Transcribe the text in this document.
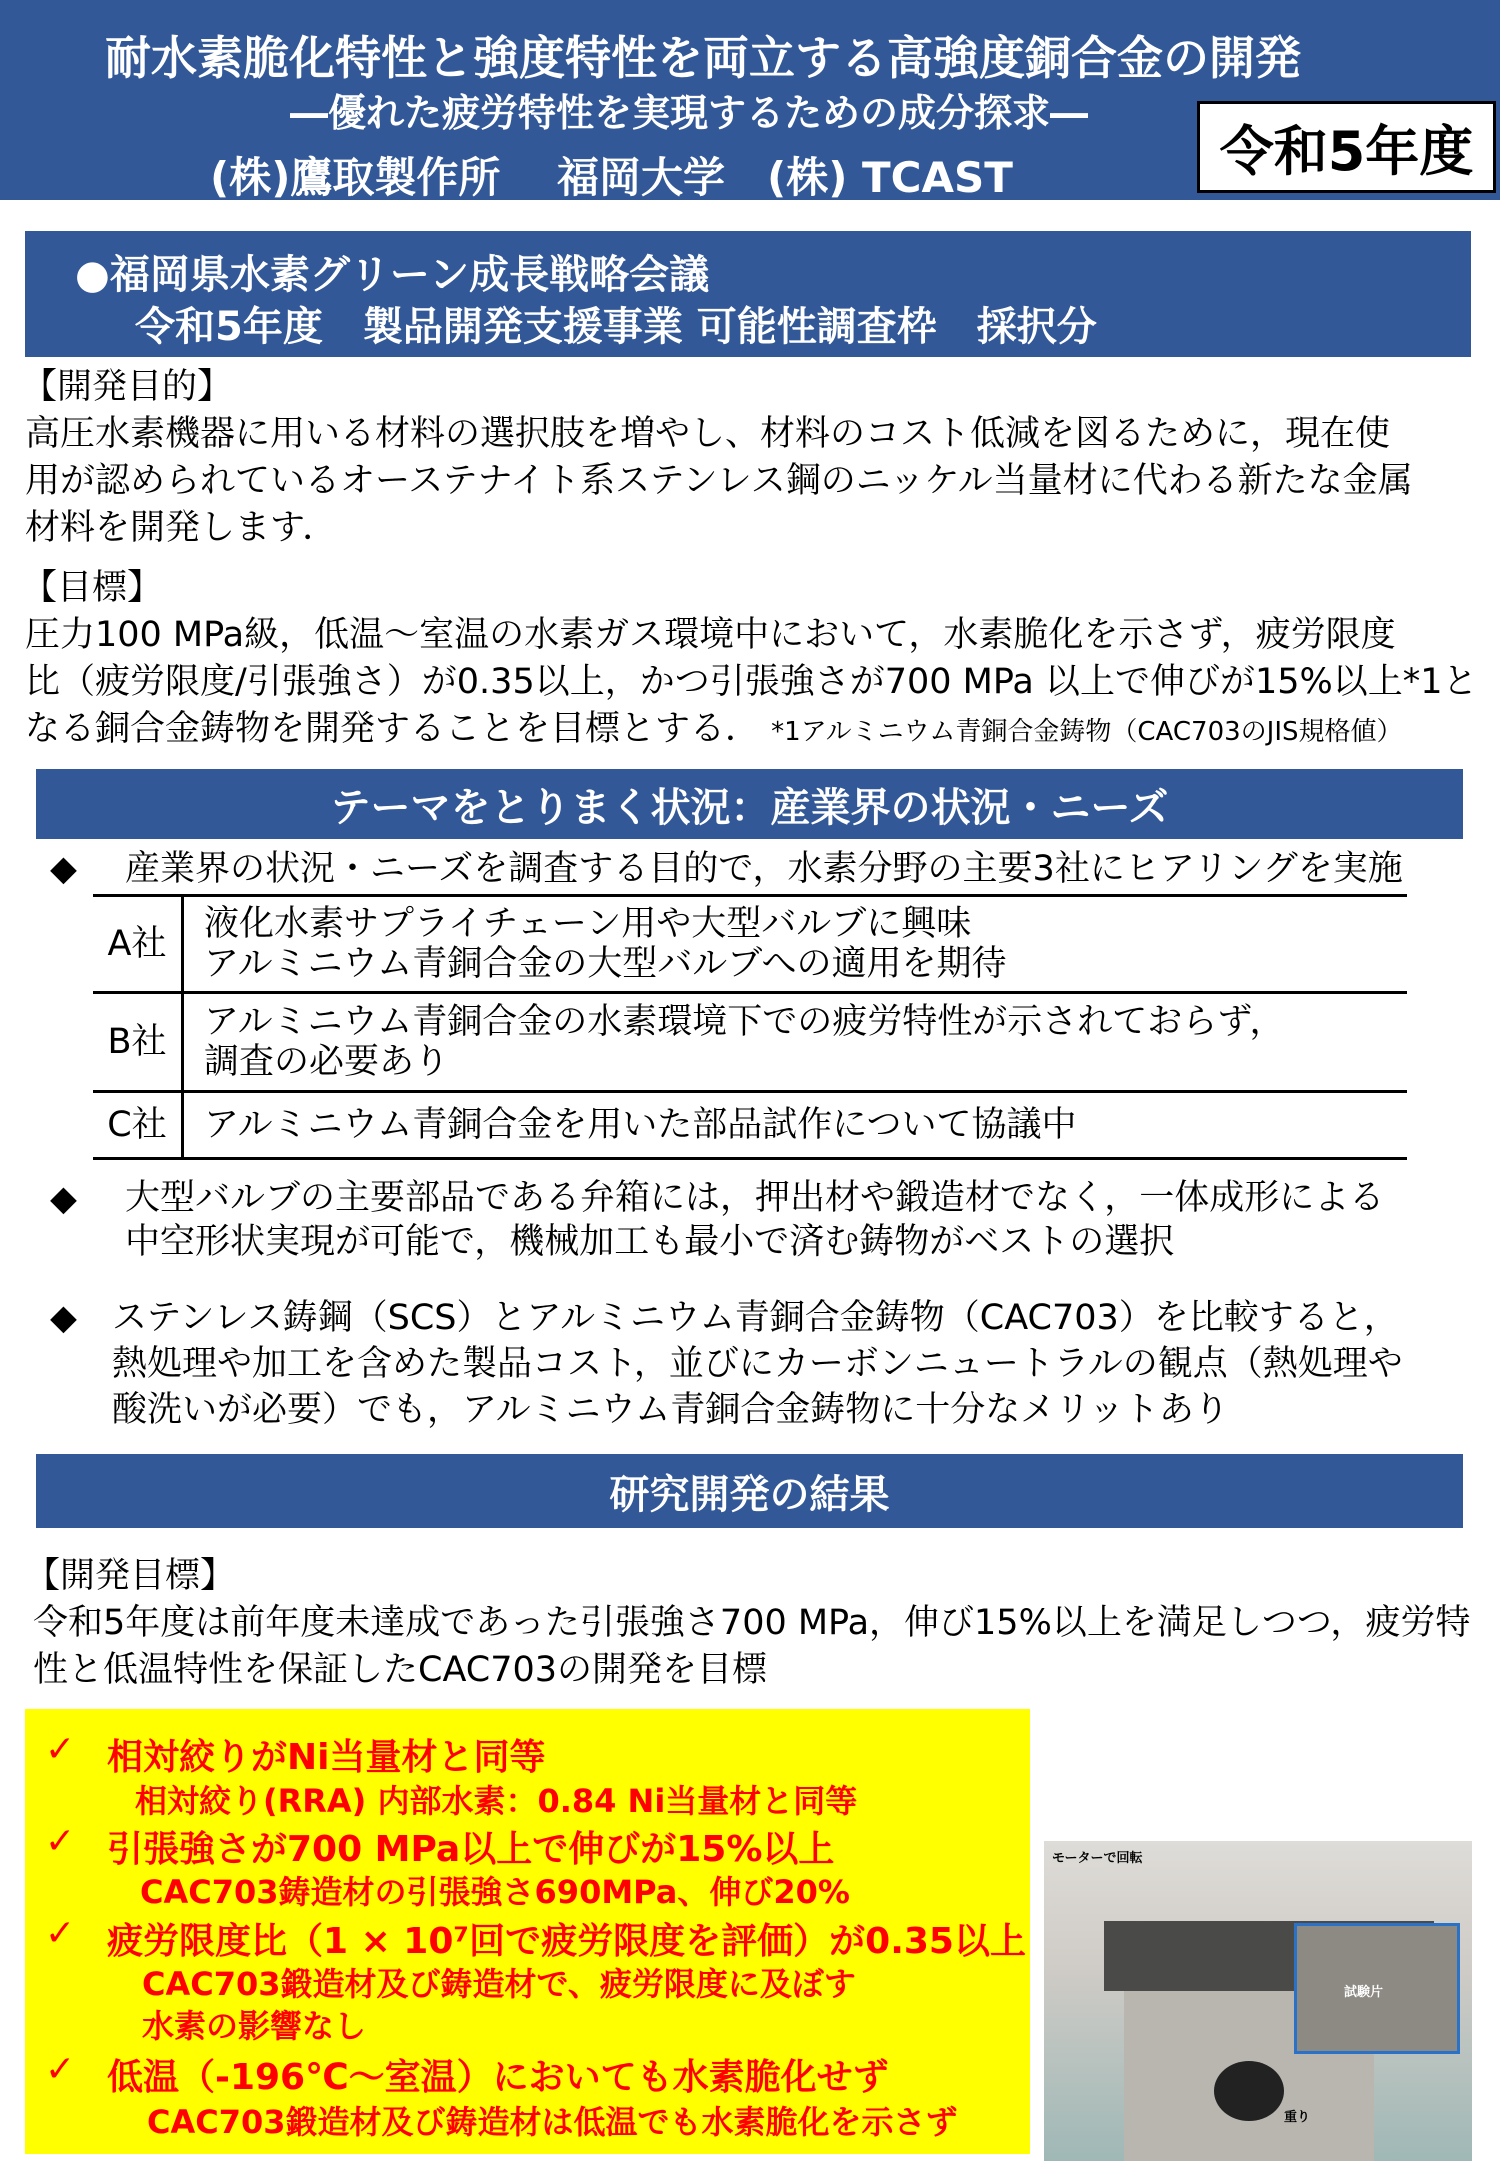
耐水素脆化特性と強度特性を両立する高強度銅合金の開発
―優れた疲労特性を実現するための成分探求―
(株)鷹取製作所　 福岡大学　(株) TCAST	令和5年度
●福岡県水素グリーン成長戦略会議
令和5年度　製品開発支援事業 可能性調査枠　採択分
【開発目的】
高圧水素機器に用いる材料の選択肢を増やし、材料のコスト低減を図るために，現在使
用が認められているオーステナイト系ステンレス鋼のニッケル当量材に代わる新たな金属
材料を開発します．
【目標】
圧力100 MPa級，低温～室温の水素ガス環境中において，水素脆化を示さず，疲労限度
比（疲労限度/引張強さ）が0.35以上，かつ引張強さが700 MPa 以上で伸びが15%以上*1と
なる銅合金鋳物を開発することを目標とする． *1アルミニウム青銅合金鋳物（CAC703のJIS規格値）
テーマをとりまく状況：産業界の状況・ニーズ
◆ 産業界の状況・ニーズを調査する目的で，水素分野の主要3社にヒアリングを実施
A社	液化水素サプライチェーン用や大型バルブに興味
アルミニウム青銅合金の大型バルブへの適用を期待

B社	アルミニウム青銅合金の水素環境下での疲労特性が示されておらず，
調査の必要あり

C社	アルミニウム青銅合金を用いた部品試作について協議中
◆ 大型バルブの主要部品である弁箱には，押出材や鍛造材でなく，一体成形による
中空形状実現が可能で，機械加工も最小で済む鋳物がベストの選択
◆ ステンレス鋳鋼（SCS）とアルミニウム青銅合金鋳物（CAC703）を比較すると，
熱処理や加工を含めた製品コスト，並びにカーボンニュートラルの観点（熱処理や
酸洗いが必要）でも，アルミニウム青銅合金鋳物に十分なメリットあり
研究開発の結果
【開発目標】
令和5年度は前年度未達成であった引張強さ700 MPa，伸び15%以上を満足しつつ，疲労特
性と低温特性を保証したCAC703の開発を目標
✓ 相対絞りがNi当量材と同等
相対絞り(RRA) 内部水素：0.84 Ni当量材と同等
✓ 引張強さが700 MPa以上で伸びが15%以上
CAC703鋳造材の引張強さ690MPa、伸び20%
✓ 疲労限度比（1 × 10⁷回で疲労限度を評価）が0.35以上
CAC703鍛造材及び鋳造材で、疲労限度に及ぼす
水素の影響なし
✓ 低温（-196℃～室温）においても水素脆化せず
CAC703鍛造材及び鋳造材は低温でも水素脆化を示さず
モーターで回転
試験片
重り
